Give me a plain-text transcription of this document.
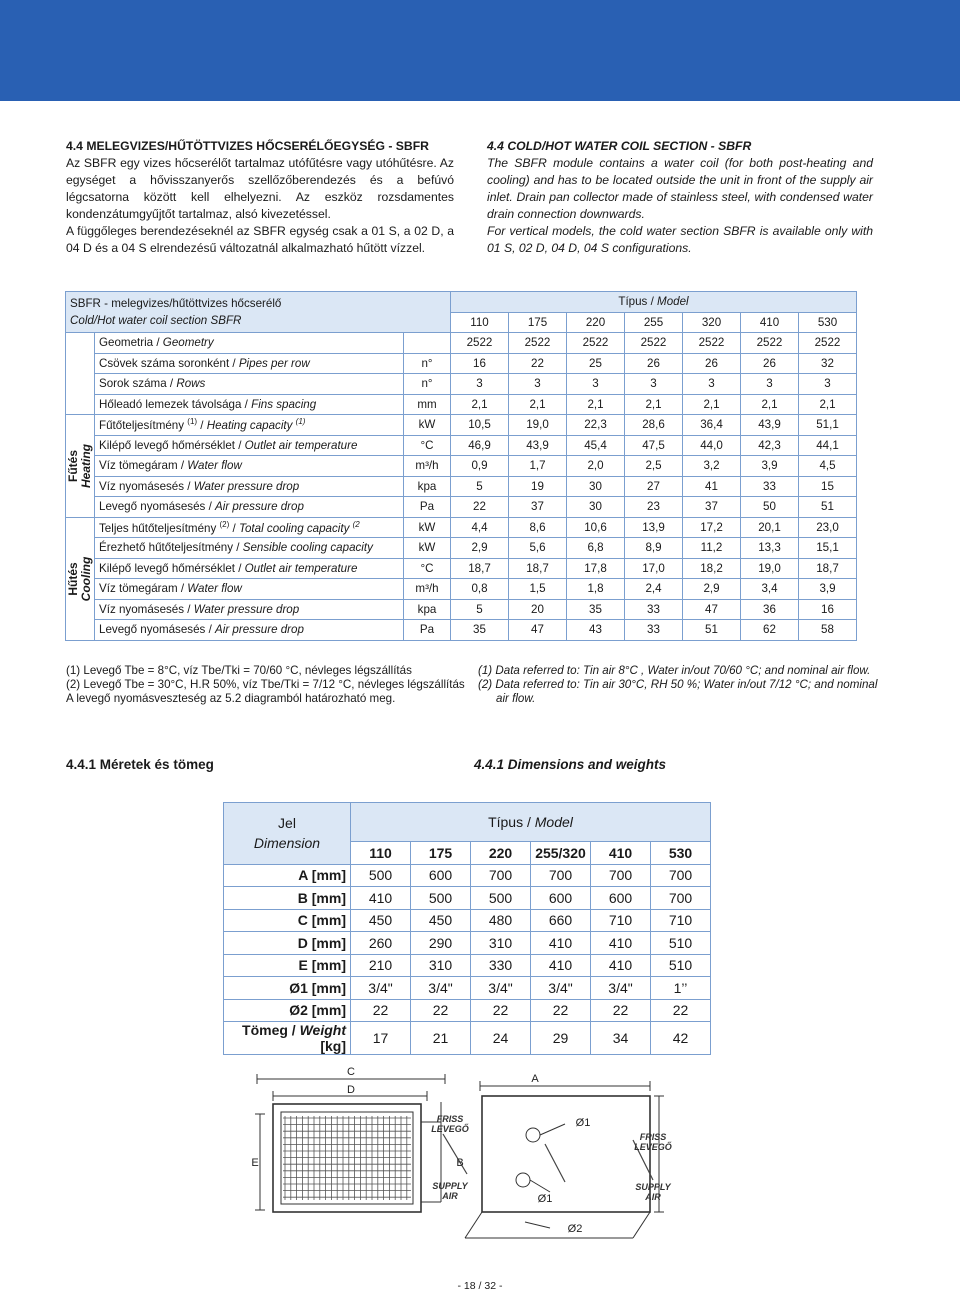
4.4 MELEGVIZES/HŰTÖTTVIZES HŐCSERÉLŐEGYSÉG - SBFR

Az SBFR egy vizes hőcserélőt tartalmaz utófűtésre vagy utóhűtésre. Az egységet a hővisszanyerős szellőzőberendezés és a befúvó légcsatorna között kell elhelyezni. Az eszköz rozsdamentes kondenzátumgyűjtőt tartalmaz, alsó kivezetéssel.

A függőleges berendezéseknél az SBFR egység csak a 01 S, a 02 D, a 04 D és a 04 S elrendezésű változatnál alkalmazható hűtött vízzel.

4.4 COLD/HOT WATER COIL SECTION - SBFR

The SBFR module contains a water coil (for both post-heating and cooling) and has to be located outside the unit in front of the supply air inlet. Drain pan collector made of stainless steel, with condensed water drain connection downwards.

For vertical models, the cold water section SBFR is available only with 01 S, 02 D, 04 D, 04 S configurations.

SBFR - melegvizes/hűtöttvizes hőcserélő
Cold/Hot water coil section SBFR			Típus / Model						
			110	175	220	255	320	410	530
	Geometria / Geometry		2522	2522	2522	2522	2522	2522	2522
	Csövek száma soronként / Pipes per row	n°	16	22	25	26	26	26	32
	Sorok száma / Rows	n°	3	3	3	3	3	3	3
	Hőleadó lemezek távolsága / Fins spacing	mm	2,1	2,1	2,1	2,1	2,1	2,1	2,1

Fűtés Heating	Fűtőteljesítmény $^{(1)}$ / Heating capacity $^{(1)}$	kW	10,5	19,0	22,3	28,6	36,4	43,9	51,1
	Kilépő levegő hőmérséklet / Outlet air temperature	°C	46,9	43,9	45,4	47,5	44,0	42,3	44,1
	Víz tömegáram / Water flow	m³/h	0,9	1,7	2,0	2,5	3,2	3,9	4,5
	Víz nyomásesés / Water pressure drop	kpa	5	19	30	27	41	33	15
	Levegő nyomásesés / Air pressure drop	Pa	22	37	30	23	37	50	51

Hűtés Cooling	Teljes hűtőteljesítmény $^{(2)}$ / Total cooling capacity $^{(2}$	kW	4,4	8,6	10,6	13,9	17,2	20,1	23,0
	Érezhető hűtőteljesítmény / Sensible cooling capacity	kW	2,9	5,6	6,8	8,9	11,2	13,3	15,1
	Kilépő levegő hőmérséklet / Outlet air temperature	°C	18,7	18,7	17,8	17,0	18,2	19,0	18,7
	Víz tömegáram / Water flow	m³/h	0,8	1,5	1,8	2,4	2,9	3,4	3,9
	Víz nyomásesés / Water pressure drop	kpa	5	20	35	33	47	36	16
	Levegő nyomásesés / Air pressure drop	Pa	35	47	43	33	51	62	58
(1) Levegő Tbe = 8°C, víz Tbe/Tki = 70/60 °C, névleges légszállítás
(2) Levegő Tbe = 30°C, H.R 50%, víz Tbe/Tki = 7/12 °C, névleges légszállítás
A levegő nyomásveszteség az 5.2 diagramból határozható meg.
(1) Data referred to: Tin air 8°C , Water in/out 70/60 °C; and nominal air flow.
(2) Data referred to: Tin air 30°C, RH 50 %; Water in/out 7/12 °C; and nominal
air flow.
4.4.1 Méretek és tömeg	4.4.1 Dimensions and weights
Jel
Dimension	Típus / Model					
	110	175	220	255/320	410	530
A [mm]	500	600	700	700	700	700
B [mm]	410	500	500	600	600	700
C [mm]	450	450	480	660	710	710
D [mm]	260	290	310	410	410	510
E [mm]	210	310	330	410	410	510
Ø1 [mm]	3/4"	3/4"	3/4"	3/4"	3/4"	1’’
Ø2 [mm]	22	22	22	22	22	22
Tömeg / Weight [kg]	17	21	24	29	34	42
C
D
E	B
A
Ø1
Ø1
Ø2
FRISS
LEVEGŐ
SUPPLY
AIR
FRISS
LEVEGŐ
SUPPLY
AIR
- 18 / 32 -
